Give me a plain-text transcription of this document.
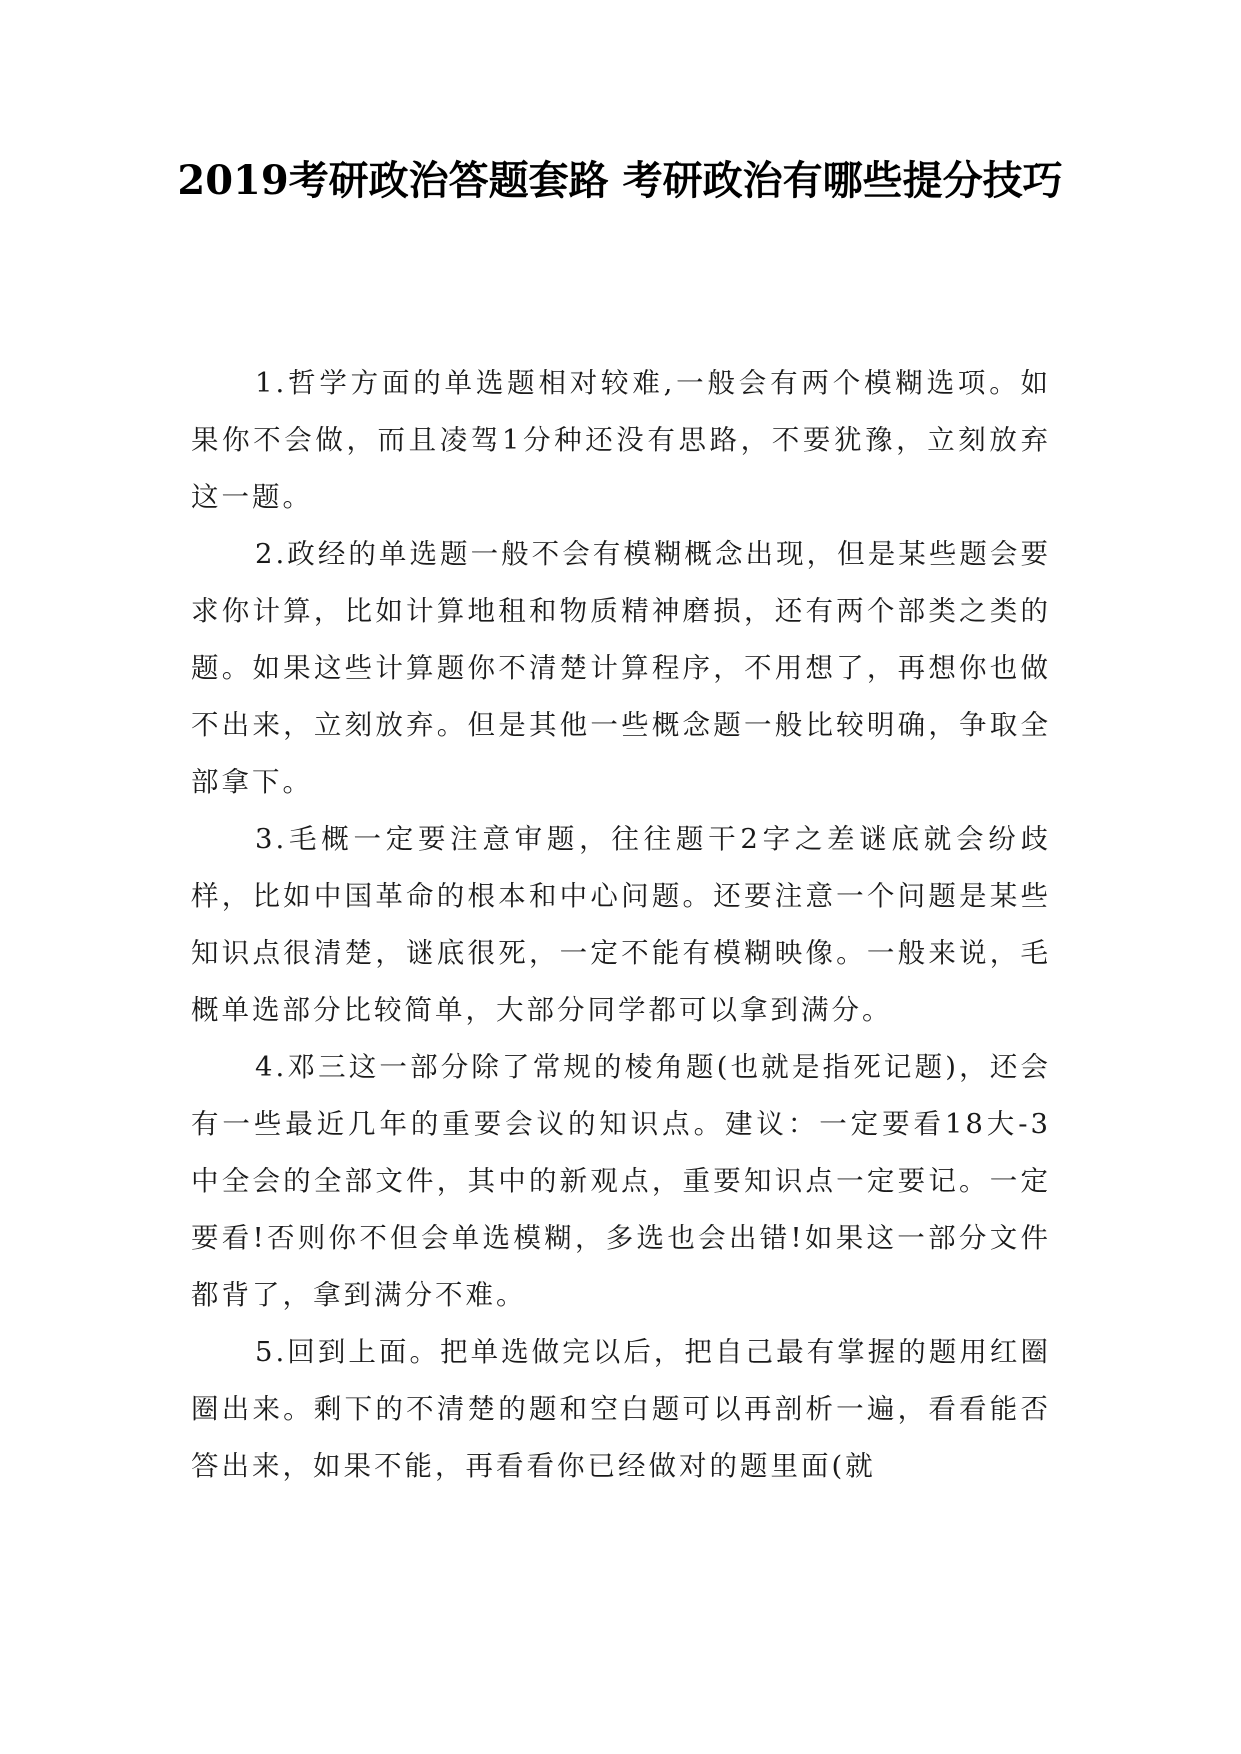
2019考研政治答题套路 考研政治有哪些提分技巧

1.哲学方面的单选题相对较难,一般会有两个模糊选项。如果你不会做，而且凌驾1分种还没有思路，不要犹豫，立刻放弃这一题。

2.政经的单选题一般不会有模糊概念出现，但是某些题会要求你计算，比如计算地租和物质精神磨损，还有两个部类之类的题。如果这些计算题你不清楚计算程序，不用想了，再想你也做不出来，立刻放弃。但是其他一些概念题一般比较明确，争取全部拿下。

3.毛概一定要注意审题，往往题干2字之差谜底就会纷歧样，比如中国革命的根本和中心问题。还要注意一个问题是某些知识点很清楚，谜底很死，一定不能有模糊映像。一般来说，毛概单选部分比较简单，大部分同学都可以拿到满分。

4.邓三这一部分除了常规的棱角题(也就是指死记题)，还会有一些最近几年的重要会议的知识点。建议：一定要看18大-3中全会的全部文件，其中的新观点，重要知识点一定要记。一定要看!否则你不但会单选模糊，多选也会出错!如果这一部分文件都背了，拿到满分不难。

5.回到上面。把单选做完以后，把自己最有掌握的题用红圈圈出来。剩下的不清楚的题和空白题可以再剖析一遍，看看能否答出来，如果不能，再看看你已经做对的题里面(就
